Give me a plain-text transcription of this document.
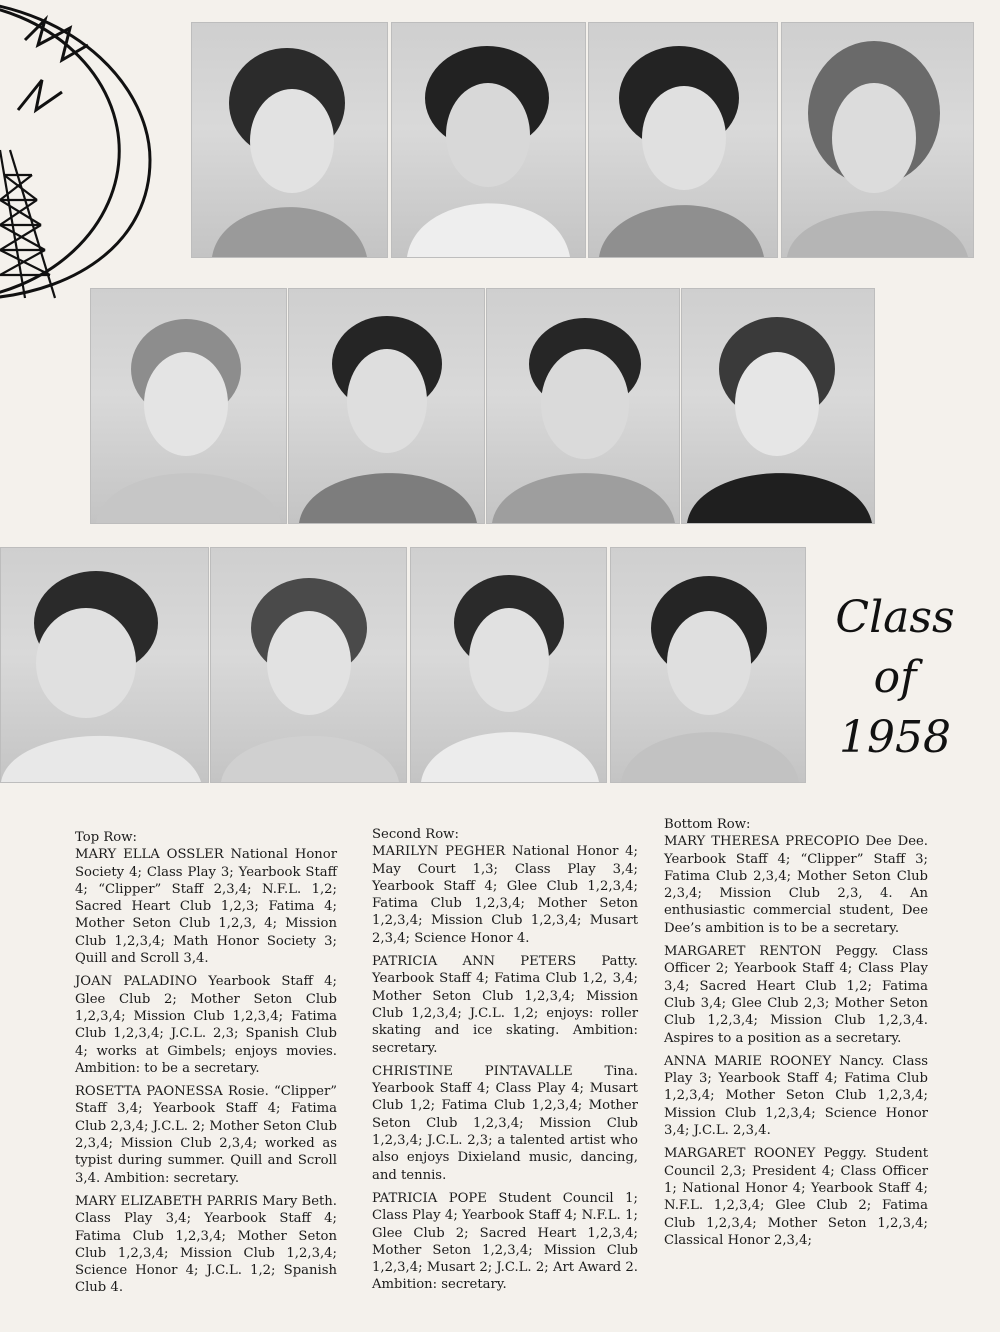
Class
of
1958

Top Row:

MARY ELLA OSSLER National Honor Society 4; Class Play 3; Yearbook Staff 4; “Clipper” Staff 2,3,4; N.F.L. 1,2; Sacred Heart Club 1,2,3; Fatima 4; Mother Seton Club 1,2,3, 4; Mission Club 1,2,3,4; Math Honor Society 3; Quill and Scroll 3,4.

JOAN PALADINO Yearbook Staff 4; Glee Club 2; Mother Seton Club 1,2,3,4; Mission Club 1,2,3,4; Fatima Club 1,2,3,4; J.C.L. 2,3; Spanish Club 4; works at Gimbels; enjoys movies. Ambition: to be a secretary.

ROSETTA PAONESSA Rosie. “Clipper” Staff 3,4; Yearbook Staff 4; Fatima Club 2,3,4; J.C.L. 2; Mother Seton Club 2,3,4; Mission Club 2,3,4; worked as typist during summer. Quill and Scroll 3,4. Ambition: secretary.

MARY ELIZABETH PARRIS Mary Beth. Class Play 3,4; Yearbook Staff 4; Fatima Club 1,2,3,4; Mother Seton Club 1,2,3,4; Mission Club 1,2,3,4; Science Honor 4; J.C.L. 1,2; Spanish Club 4.

Second Row:

MARILYN PEGHER National Honor 4; May Court 1,3; Class Play 3,4; Yearbook Staff 4; Glee Club 1,2,3,4; Fatima Club 1,2,3,4; Mother Seton 1,2,3,4; Mission Club 1,2,3,4; Musart 2,3,4; Science Honor 4.

PATRICIA ANN PETERS Patty. Yearbook Staff 4; Fatima Club 1,2, 3,4; Mother Seton Club 1,2,3,4; Mission Club 1,2,3,4; J.C.L. 1,2; enjoys: roller skating and ice skating. Ambition: secretary.

CHRISTINE PINTAVALLE Tina. Yearbook Staff 4; Class Play 4; Musart Club 1,2; Fatima Club 1,2,3,4; Mother Seton Club 1,2,3,4; Mission Club 1,2,3,4; J.C.L. 2,3; a talented artist who also enjoys Dixieland music, dancing, and tennis.

PATRICIA POPE Student Council 1; Class Play 4; Yearbook Staff 4; N.F.L. 1; Glee Club 2; Sacred Heart 1,2,3,4; Mother Seton 1,2,3,4; Mission Club 1,2,3,4; Musart 2; J.C.L. 2; Art Award 2. Ambition: secretary.

Bottom Row:

MARY THERESA PRECOPIO Dee Dee. Yearbook Staff 4; “Clipper” Staff 3; Fatima Club 2,3,4; Mother Seton Club 2,3,4; Mission Club 2,3, 4. An enthusiastic commercial student, Dee Dee’s ambition is to be a secretary.

MARGARET RENTON Peggy. Class Officer 2; Yearbook Staff 4; Class Play 3,4; Sacred Heart Club 1,2; Fatima Club 3,4; Glee Club 2,3; Mother Seton Club 1,2,3,4; Mission Club 1,2,3,4. Aspires to a position as a secretary.

ANNA MARIE ROONEY Nancy. Class Play 3; Yearbook Staff 4; Fatima Club 1,2,3,4; Mother Seton Club 1,2,3,4; Mission Club 1,2,3,4; Science Honor 3,4; J.C.L. 2,3,4.

MARGARET ROONEY Peggy. Student Council 2,3; President 4; Class Officer 1; National Honor 4; Yearbook Staff 4; N.F.L. 1,2,3,4; Glee Club 2; Fatima Club 1,2,3,4; Mother Seton 1,2,3,4; Classical Honor 2,3,4;
